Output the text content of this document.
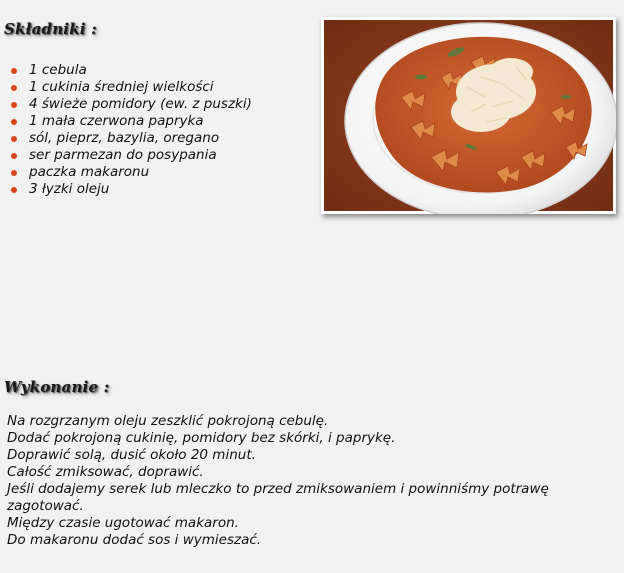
Składniki :
1 cebula
1 cukinia średniej wielkości
4 świeże pomidory (ew. z puszki)
1 mała czerwona papryka
sól, pieprz, bazylia, oregano
ser parmezan do posypania
paczka makaronu
3 łyzki oleju
Wykonanie :

Na rozgrzanym oleju zeszklić pokrojoną cebulę.

Dodać pokrojoną cukinię, pomidory bez skórki, i paprykę.

Doprawić solą, dusić około 20 minut.

Całość zmiksować, doprawić.

Jeśli dodajemy serek lub mleczko to przed zmiksowaniem i powinniśmy potrawę zagotować.

Między czasie ugotować makaron.

Do makaronu dodać sos i wymieszać.
